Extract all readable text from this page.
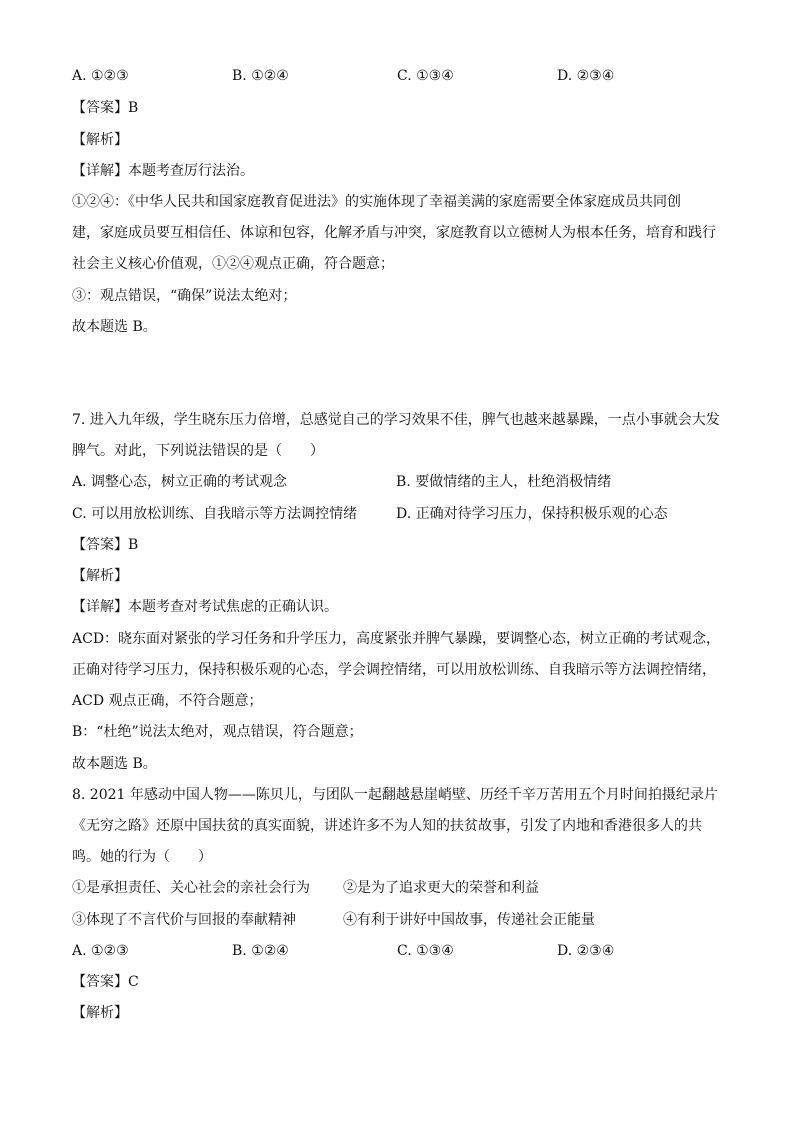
A. ①②③	B. ①②④	C. ①③④	D. ②③④
【答案】B
【解析】
【详解】本题考查厉行法治。
①②④：《中华人民共和国家庭教育促进法》的实施体现了幸福美满的家庭需要全体家庭成员共同创
建，家庭成员要互相信任、体谅和包容，化解矛盾与冲突，家庭教育以立德树人为根本任务，培育和践行
社会主义核心价值观，①②④观点正确，符合题意；
③：观点错误，“确保”说法太绝对；
故本题选 B。
7. 进入九年级，学生晓东压力倍增，总感觉自己的学习效果不佳，脾气也越来越暴躁，一点小事就会大发
脾气。对此，下列说法错误的是（　　）
A. 调整心态，树立正确的考试观念	B. 要做情绪的主人，杜绝消极情绪
C. 可以用放松训练、自我暗示等方法调控情绪	D. 正确对待学习压力，保持积极乐观的心态
【答案】B
【解析】
【详解】本题考查对考试焦虑的正确认识。
ACD：晓东面对紧张的学习任务和升学压力，高度紧张并脾气暴躁，要调整心态，树立正确的考试观念，
正确对待学习压力，保持积极乐观的心态，学会调控情绪，可以用放松训练、自我暗示等方法调控情绪，
ACD 观点正确，不符合题意；
B：“杜绝”说法太绝对，观点错误，符合题意；
故本题选 B。
8. 2021 年感动中国人物——陈贝儿，与团队一起翻越悬崖峭壁、历经千辛万苦用五个月时间拍摄纪录片
《无穷之路》还原中国扶贫的真实面貌，讲述许多不为人知的扶贫故事，引发了内地和香港很多人的共
鸣。她的行为（　　）
①是承担责任、关心社会的亲社会行为 ②是为了追求更大的荣誉和利益
③体现了不言代价与回报的奉献精神	④有利于讲好中国故事，传递社会正能量
A. ①②③	B. ①②④	C. ①③④	D. ②③④
【答案】C
【解析】
